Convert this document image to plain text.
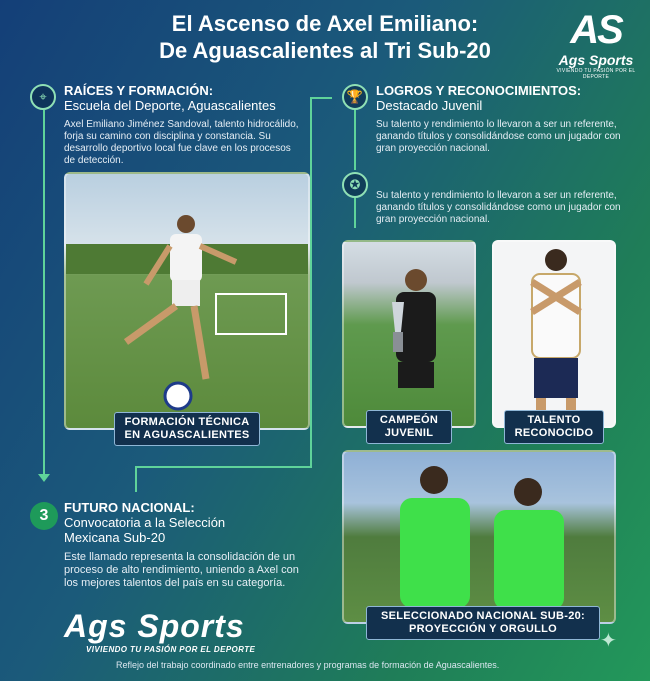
El Ascenso de Axel Emiliano:
De Aguascalientes al Tri Sub-20	AS
Ags Sports
VIVIENDO TU PASIÓN POR EL DEPORTE
⌖	RAÍCES Y FORMACIÓN:
Escuela del Deporte, Aguascalientes
Axel Emiliano Jiménez Sandoval, talento hidrocálido, forja su camino con disciplina y constancia. Su desarrollo deportivo local fue clave en los procesos de detección.
FORMACIÓN TÉCNICA
EN AGUASCALIENTES
🏆 LOGROS Y RECONOCIMIENTOS:
Destacado Juvenil
Su talento y rendimiento lo llevaron a ser un referente, ganando títulos y consolidándose como un jugador con gran proyección nacional.
✪
Su talento y rendimiento lo llevaron a ser un referente, ganando títulos y consolidándose como un jugador con gran proyección nacional.
CAMPEÓN
JUVENIL
TALENTO
RECONOCIDO
3	FUTURO NACIONAL:
Convocatoria a la Selección
Mexicana Sub-20
Este llamado representa la consolidación de un proceso de alto rendimiento, uniendo a Axel con los mejores talentos del país en su categoría.
SELECCIONADO NACIONAL SUB-20:
PROYECCIÓN Y ORGULLO
Ags Sports
VIVIENDO TU PASIÓN POR EL DEPORTE	✦
Reflejo del trabajo coordinado entre entrenadores y programas de formación de Aguascalientes.
